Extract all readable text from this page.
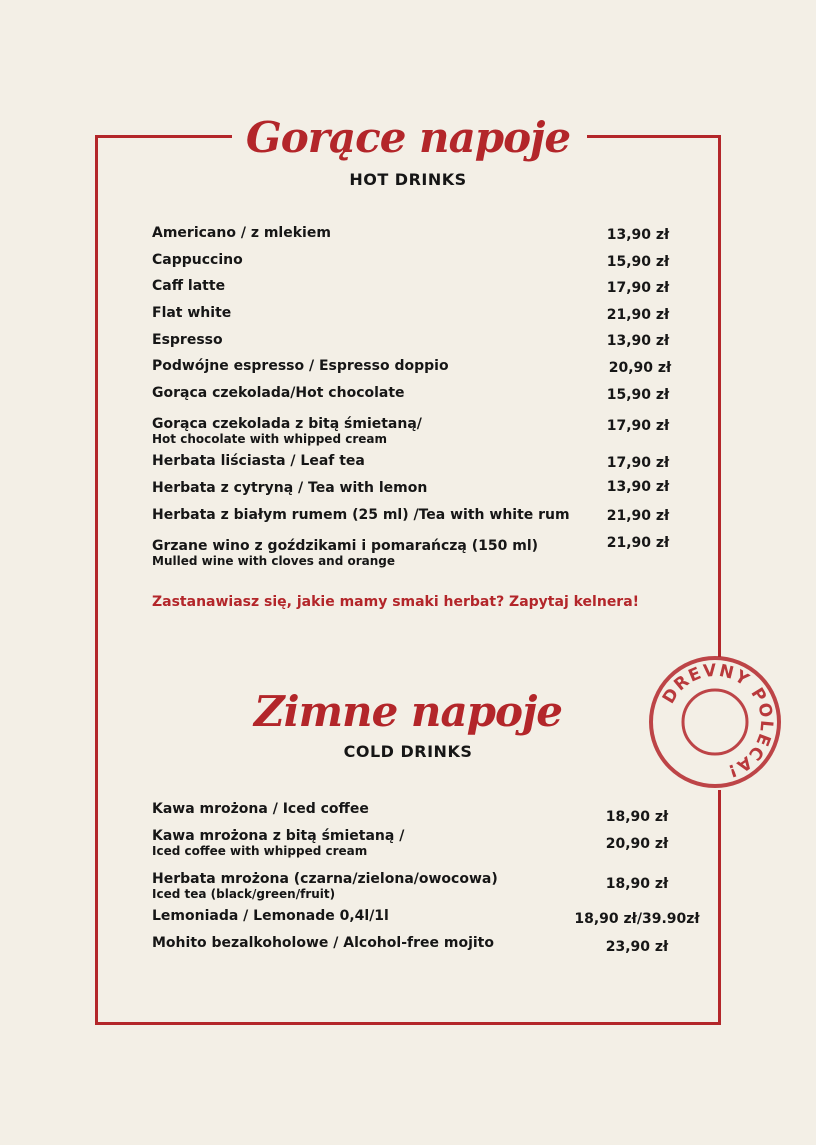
Gorące napoje
HOT DRINKS
Americano / z mlekiem	13,90 zł
Cappuccino	15,90 zł
Caff latte	17,90 zł
Flat white	21,90 zł
Espresso	13,90 zł
Podwójne espresso / Espresso doppio	20,90 zł
Gorąca czekolada/Hot chocolate	15,90 zł
Gorąca czekolada z bitą śmietaną/
Hot chocolate with whipped cream
17,90 zł
Herbata liściasta / Leaf tea	17,90 zł
Herbata z cytryną / Tea with lemon	13,90 zł
Herbata z białym rumem (25 ml) /Tea with white rum	21,90 zł
Grzane wino z goździkami i pomarańczą (150 ml)
Mulled wine with cloves and orange
21,90 zł
Zastanawiasz się, jakie mamy smaki herbat? Zapytaj kelnera!
Zimne napoje
COLD DRINKS
Kawa mrożona / Iced coffee	18,90 zł
Kawa mrożona z bitą śmietaną /
Iced coffee with whipped cream	20,90 zł
Herbata mrożona (czarna/zielona/owocowa)
Iced tea (black/green/fruit)
18,90 zł
Lemoniada / Lemonade 0,4l/1l	18,90 zł/39.90zł
Mohito bezalkoholowe / Alcohol-free mojito	23,90 zł
DREVNY POLECA!
